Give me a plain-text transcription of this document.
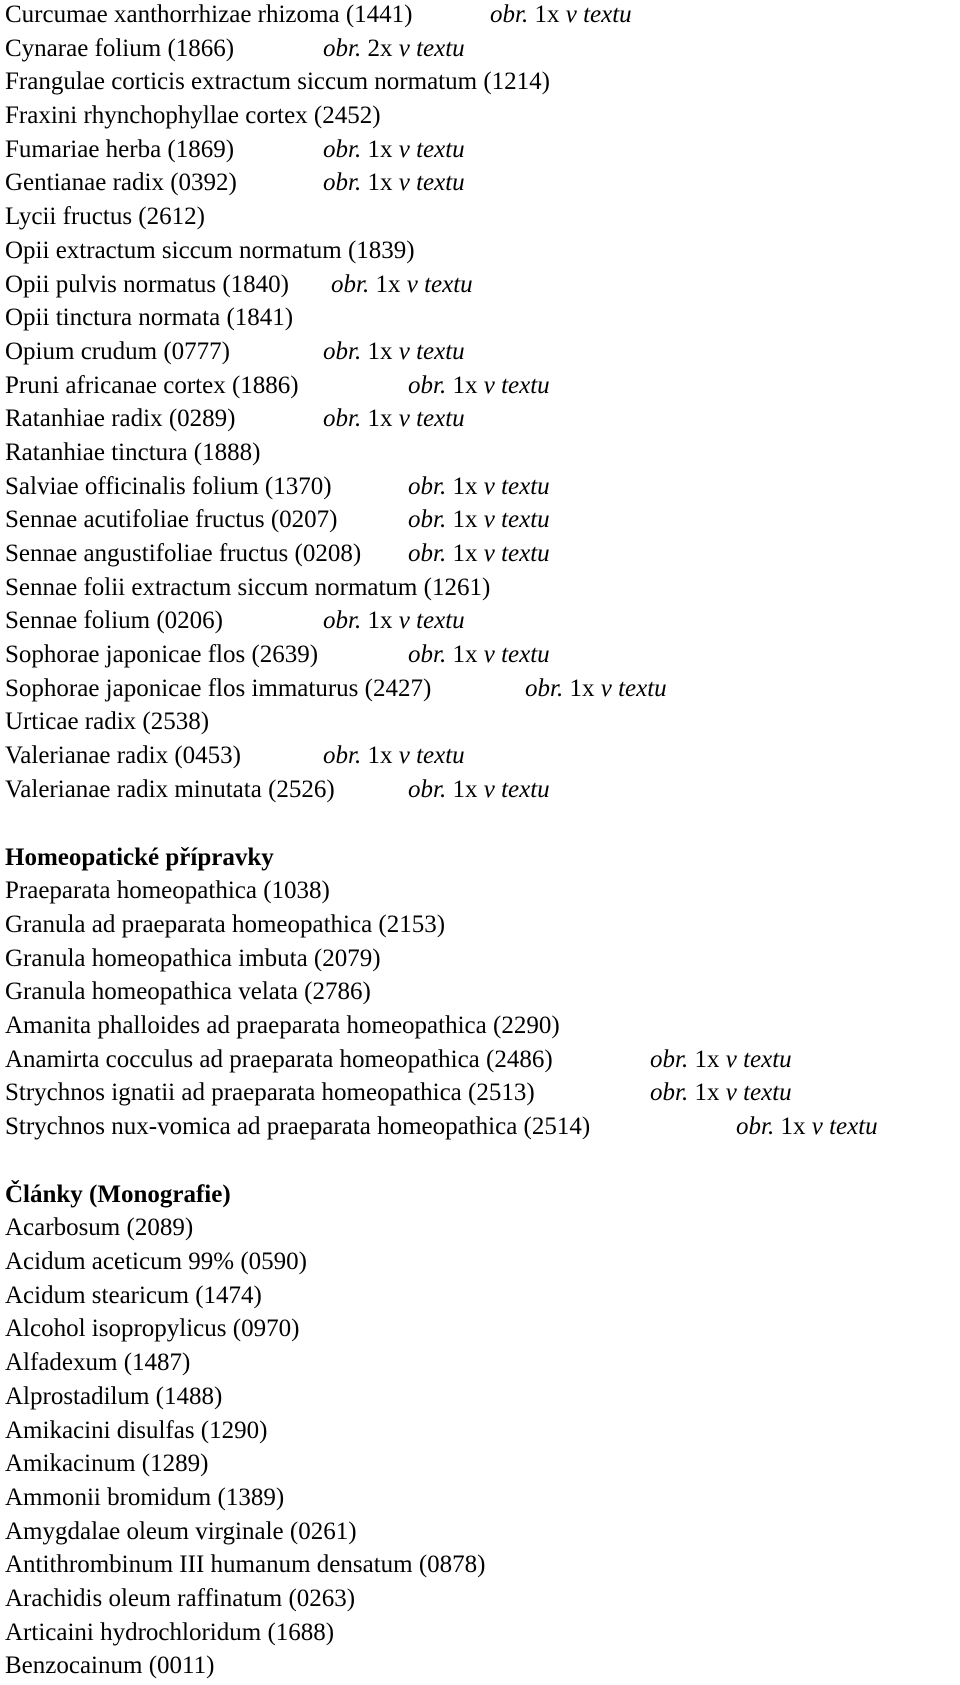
Curcumae xanthorrhizae rhizoma (1441)	obr. 1x v textu
Cynarae folium (1866)	obr. 2x v textu
Frangulae corticis extractum siccum normatum (1214)
Fraxini rhynchophyllae cortex (2452)
Fumariae herba (1869)	obr. 1x v textu
Gentianae radix (0392)	obr. 1x v textu
Lycii fructus (2612)
Opii extractum siccum normatum (1839)
Opii pulvis normatus (1840) obr. 1x v textu
Opii tinctura normata (1841)
Opium crudum (0777)	obr. 1x v textu
Pruni africanae cortex (1886)	obr. 1x v textu
Ratanhiae radix (0289)	obr. 1x v textu
Ratanhiae tinctura (1888)
Salviae officinalis folium (1370)	obr. 1x v textu
Sennae acutifoliae fructus (0207)	obr. 1x v textu
Sennae angustifoliae fructus (0208) obr. 1x v textu
Sennae folii extractum siccum normatum (1261)
Sennae folium (0206)	obr. 1x v textu
Sophorae japonicae flos (2639)	obr. 1x v textu
Sophorae japonicae flos immaturus (2427)	obr. 1x v textu
Urticae radix (2538)
Valerianae radix (0453)	obr. 1x v textu
Valerianae radix minutata (2526)	obr. 1x v textu
Homeopatické přípravky
Praeparata homeopathica (1038)
Granula ad praeparata homeopathica (2153)
Granula homeopathica imbuta (2079)
Granula homeopathica velata (2786)
Amanita phalloides ad praeparata homeopathica (2290)
Anamirta cocculus ad praeparata homeopathica (2486)	obr. 1x v textu
Strychnos ignatii ad praeparata homeopathica (2513)	obr. 1x v textu
Strychnos nux-vomica ad praeparata homeopathica (2514)	obr. 1x v textu
Články (Monografie)
Acarbosum (2089)
Acidum aceticum 99% (0590)
Acidum stearicum (1474)
Alcohol isopropylicus (0970)
Alfadexum (1487)
Alprostadilum (1488)
Amikacini disulfas (1290)
Amikacinum (1289)
Ammonii bromidum (1389)
Amygdalae oleum virginale (0261)
Antithrombinum III humanum densatum (0878)
Arachidis oleum raffinatum (0263)
Articaini hydrochloridum (1688)
Benzocainum (0011)
